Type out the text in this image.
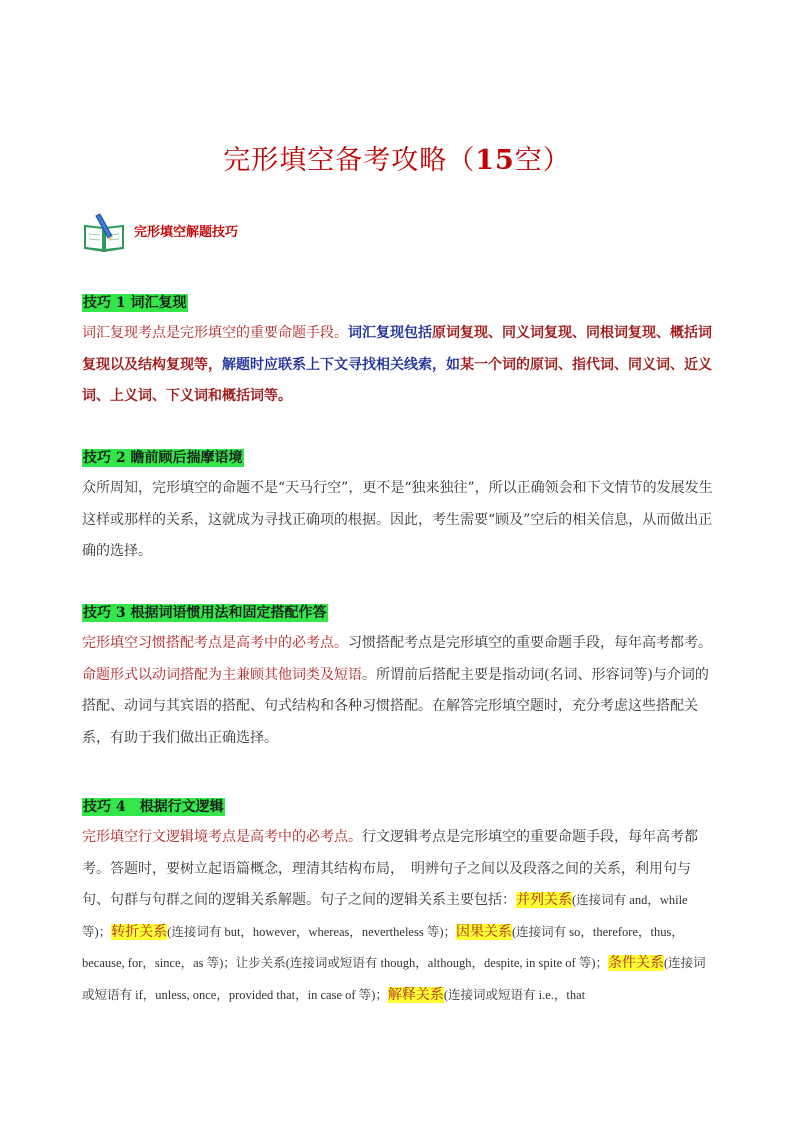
完形填空备考攻略（15空）
完形填空解题技巧
技巧 1 词汇复现
词汇复现考点是完形填空的重要命题手段。词汇复现包括原词复现、同义词复现、同根词复现、概括词复现以及结构复现等，解题时应联系上下文寻找相关线索，如某一个词的原词、指代词、同义词、近义词、上义词、下义词和概括词等。
技巧 2 瞻前顾后揣摩语境
众所周知，完形填空的命题不是“天马行空”，更不是“独来独往”，所以正确领会和下文情节的发展发生这样或那样的关系，这就成为寻找正确项的根据。因此，考生需要“顾及”空后的相关信息，从而做出正确的选择。
技巧 3 根据词语惯用法和固定搭配作答
完形填空习惯搭配考点是高考中的必考点。习惯搭配考点是完形填空的重要命题手段，每年高考都考。命题形式以动词搭配为主兼顾其他词类及短语。所谓前后搭配主要是指动词(名词、形容词等)与介词的搭配、动词与其宾语的搭配、句式结构和各种习惯搭配。在解答完形填空题时，充分考虑这些搭配关系，有助于我们做出正确选择。
技巧 4　根据行文逻辑
完形填空行文逻辑境考点是高考中的必考点。行文逻辑考点是完形填空的重要命题手段，每年高考都考。答题时，要树立起语篇概念，理清其结构布局，　明辨句子之间以及段落之间的关系，利用句与句、句群与句群之间的逻辑关系解题。句子之间的逻辑关系主要包括：并列关系(连接词有 and，while 等)；转折关系(连接词有 but，however，whereas，nevertheless 等)；因果关系(连接词有 so，therefore，thus，because, for，since，as 等)；让步关系(连接词或短语有 though，although，despite, in spite of 等)；条件关系(连接词或短语有 if，unless, once，provided that，in case of 等)；解释关系(连接词或短语有 i.e.，that
